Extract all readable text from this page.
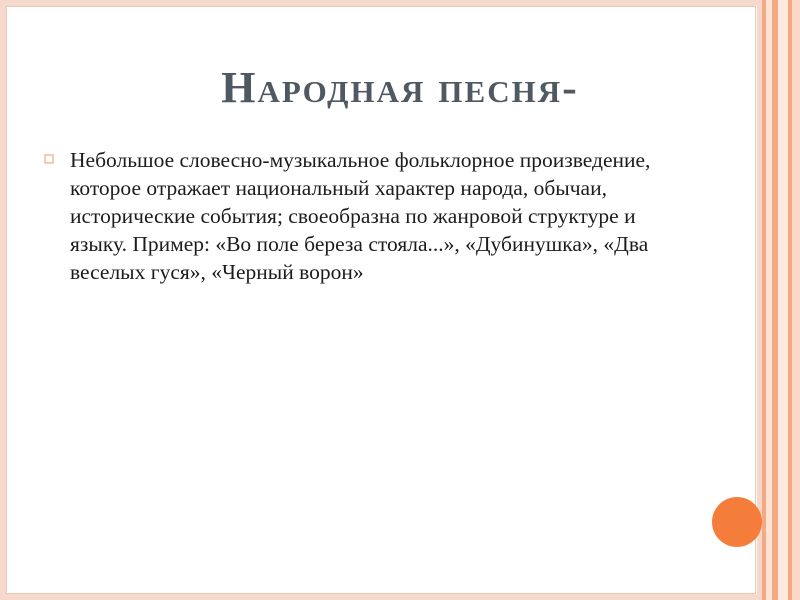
Народная песня-
Небольшое словесно-музыкальное фольклорное произведение, которое отражает национальный характер народа, обычаи, исторические события; своеобразна по жанровой структуре и языку. Пример: «Во поле береза стояла...», «Дубинушка», «Два веселых гуся», «Черный ворон»
